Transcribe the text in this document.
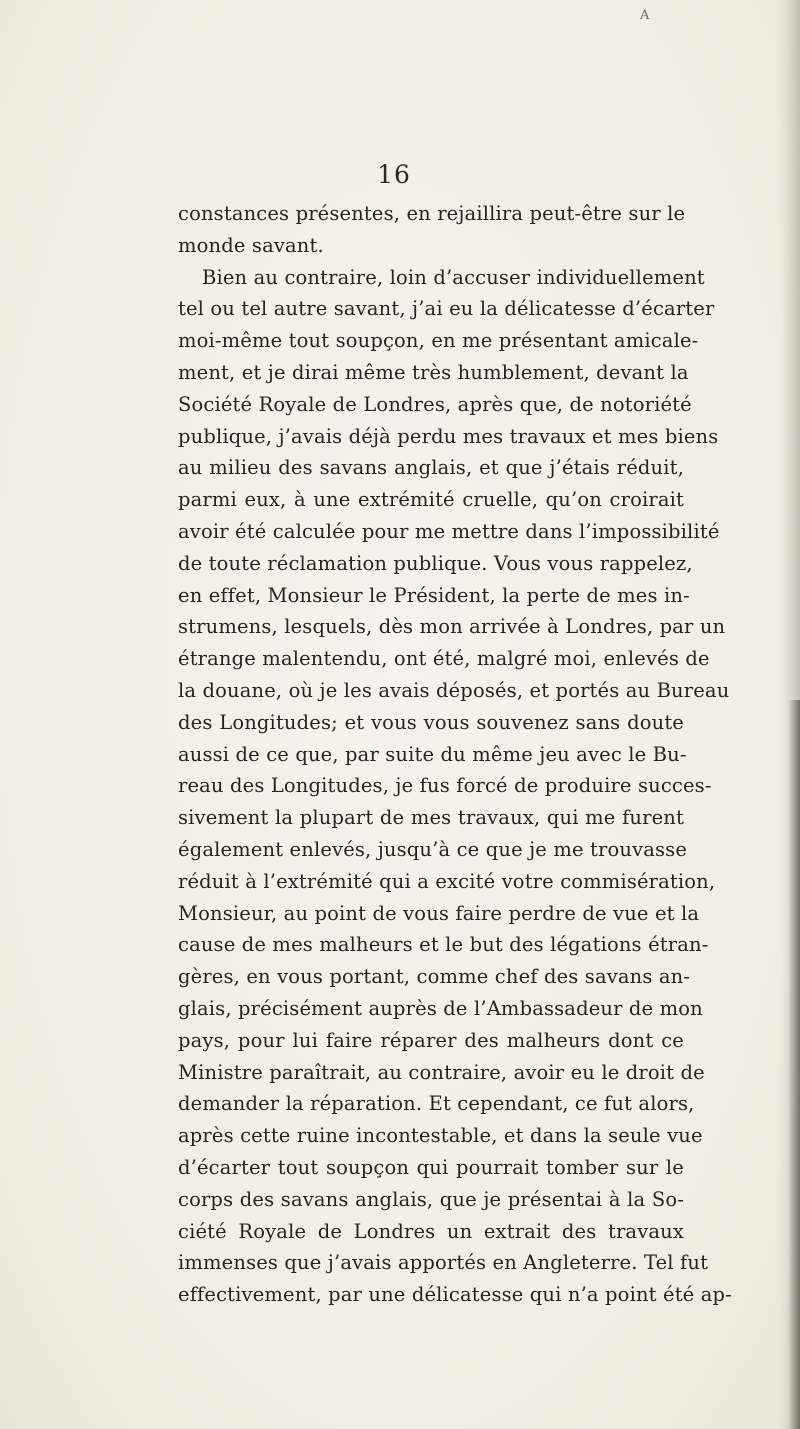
A
16
constances présentes, en rejaillira peut-être sur le
monde savant.
Bien au contraire, loin d’accuser individuellement
tel ou tel autre savant, j’ai eu la délicatesse d’écarter
moi-même tout soupçon, en me présentant amicale-
ment, et je dirai même très humblement, devant la
Société Royale de Londres, après que, de notoriété
publique, j’avais déjà perdu mes travaux et mes biens
au milieu des savans anglais, et que j’étais réduit,
parmi eux, à une extrémité cruelle, qu’on croirait
avoir été calculée pour me mettre dans l’impossibilité
de toute réclamation publique. Vous vous rappelez,
en effet, Monsieur le Président, la perte de mes in-
strumens, lesquels, dès mon arrivée à Londres, par un
étrange malentendu, ont été, malgré moi, enlevés de
la douane, où je les avais déposés, et portés au Bureau
des Longitudes; et vous vous souvenez sans doute
aussi de ce que, par suite du même jeu avec le Bu-
reau des Longitudes, je fus forcé de produire succes-
sivement la plupart de mes travaux, qui me furent
également enlevés, jusqu’à ce que je me trouvasse
réduit à l’extrémité qui a excité votre commisération,
Monsieur, au point de vous faire perdre de vue et la
cause de mes malheurs et le but des légations étran-
gères, en vous portant, comme chef des savans an-
glais, précisément auprès de l’Ambassadeur de mon
pays, pour lui faire réparer des malheurs dont ce
Ministre paraîtrait, au contraire, avoir eu le droit de
demander la réparation. Et cependant, ce fut alors,
après cette ruine incontestable, et dans la seule vue
d’écarter tout soupçon qui pourrait tomber sur le
corps des savans anglais, que je présentai à la So-
ciété Royale de Londres un extrait des travaux
immenses que j’avais apportés en Angleterre. Tel fut
effectivement, par une délicatesse qui n’a point été ap-
